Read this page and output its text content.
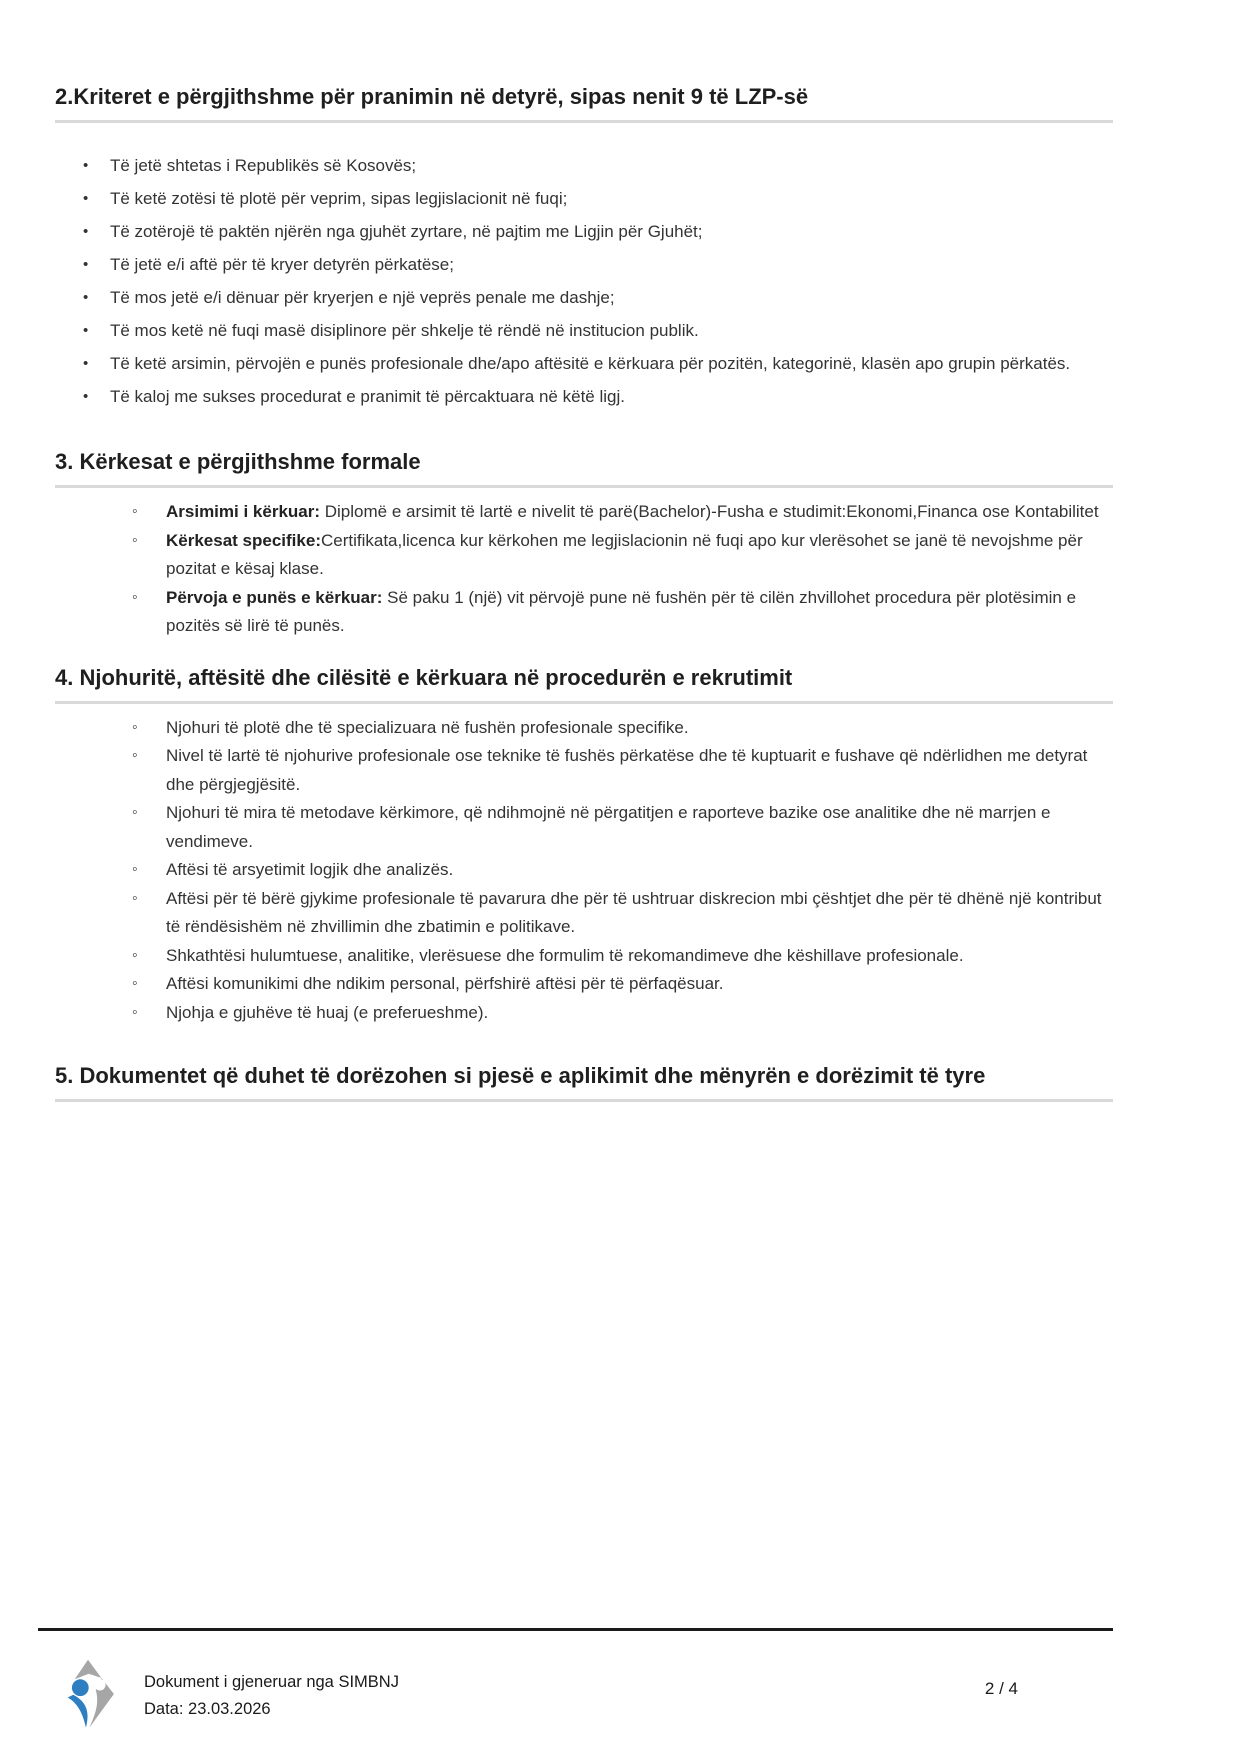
2.Kriteret e përgjithshme për pranimin në detyrë, sipas nenit 9 të LZP-së
• Të jetë shtetas i Republikës së Kosovës;
• Të ketë zotësi të plotë për veprim, sipas legjislacionit në fuqi;
• Të zotërojë të paktën njërën nga gjuhët zyrtare, në pajtim me Ligjin për Gjuhët;
• Të jetë e/i aftë për të kryer detyrën përkatëse;
• Të mos jetë e/i dënuar për kryerjen e një veprës penale me dashje;
• Të mos ketë në fuqi masë disiplinore për shkelje të rëndë në institucion publik.
• Të ketë arsimin, përvojën e punës profesionale dhe/apo aftësitë e kërkuara për pozitën, kategorinë, klasën apo grupin përkatës.
• Të kaloj me sukses procedurat e pranimit të përcaktuara në këtë ligj.
3. Kërkesat e përgjithshme formale
◦ Arsimimi i kërkuar: Diplomë e arsimit të lartë e nivelit të parë(Bachelor)-Fusha e studimit:Ekonomi,Financa ose Kontabilitet
◦ Kërkesat specifike:Certifikata,licenca kur kërkohen me legjislacionin në fuqi apo kur vlerësohet se janë të nevojshme për pozitat e kësaj klase.
◦ Përvoja e punës e kërkuar: Së paku 1 (një) vit përvojë pune në fushën për të cilën zhvillohet procedura për plotësimin e pozitës së lirë të punës.
4. Njohuritë, aftësitë dhe cilësitë e kërkuara në procedurën e rekrutimit
◦ Njohuri të plotë dhe të specializuara në fushën profesionale specifike.
◦ Nivel të lartë të njohurive profesionale ose teknike të fushës përkatëse dhe të kuptuarit e fushave që ndërlidhen me detyrat dhe përgjegjësitë.
◦ Njohuri të mira të metodave kërkimore, që ndihmojnë në përgatitjen e raporteve bazike ose analitike dhe në marrjen e vendimeve.
◦ Aftësi të arsyetimit logjik dhe analizës.
◦ Aftësi për të bërë gjykime profesionale të pavarura dhe për të ushtruar diskrecion mbi çështjet dhe për të dhënë një kontribut të rëndësishëm në zhvillimin dhe zbatimin e politikave.
◦ Shkathtësi hulumtuese, analitike, vlerësuese dhe formulim të rekomandimeve dhe këshillave profesionale.
◦ Aftësi komunikimi dhe ndikim personal, përfshirë aftësi për të përfaqësuar.
◦ Njohja e gjuhëve të huaj (e preferueshme).
5. Dokumentet që duhet të dorëzohen si pjesë e aplikimit dhe mënyrën e dorëzimit të tyre
Dokument i gjeneruar nga SIMBNJ
Data: 23.03.2026
2 / 4
